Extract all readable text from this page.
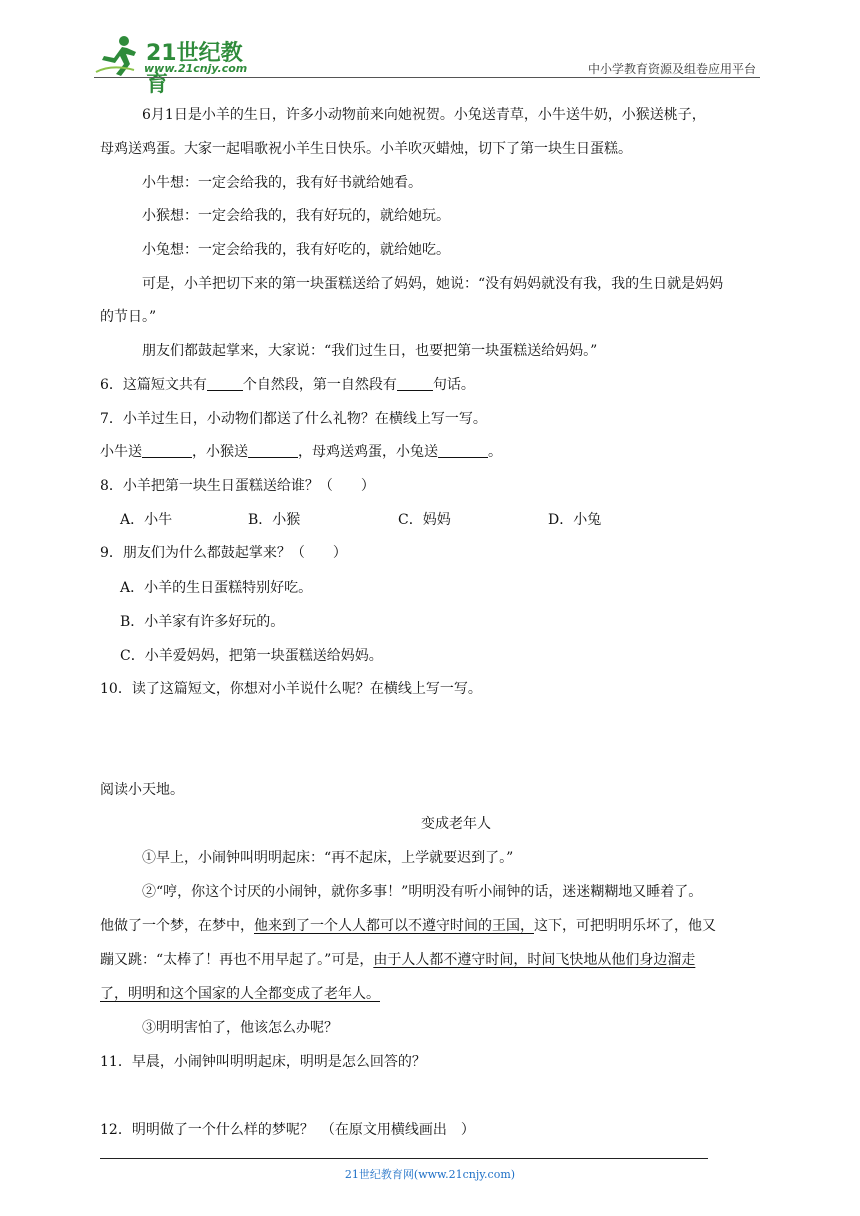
21世纪教育
www.21cnjy.com	中小学教育资源及组卷应用平台
6月1日是小羊的生日，许多小动物前来向她祝贺。小兔送青草，小牛送牛奶，小猴送桃子，
母鸡送鸡蛋。大家一起唱歌祝小羊生日快乐。小羊吹灭蜡烛，切下了第一块生日蛋糕。
小牛想：一定会给我的，我有好书就给她看。
小猴想：一定会给我的，我有好玩的，就给她玩。
小兔想：一定会给我的，我有好吃的，就给她吃。
可是，小羊把切下来的第一块蛋糕送给了妈妈，她说：“没有妈妈就没有我，我的生日就是妈妈
的节日。”
朋友们都鼓起掌来，大家说：“我们过生日，也要把第一块蛋糕送给妈妈。”
6．这篇短文共有	个自然段，第一自然段有	句话。
7．小羊过生日，小动物们都送了什么礼物？在横线上写一写。
小牛送	，小猴送	，母鸡送鸡蛋，小兔送	。
8．小羊把第一块生日蛋糕送给谁？（　　）
A．小牛	B．小猴	C．妈妈	D．小兔
9．朋友们为什么都鼓起掌来？（　　）
A．小羊的生日蛋糕特别好吃。
B．小羊家有许多好玩的。
C．小羊爱妈妈，把第一块蛋糕送给妈妈。
10．读了这篇短文，你想对小羊说什么呢？在横线上写一写。
阅读小天地。
变成老年人
①早上，小闹钟叫明明起床：“再不起床，上学就要迟到了。”
②“哼，你这个讨厌的小闹钟，就你多事！”明明没有听小闹钟的话，迷迷糊糊地又睡着了。
他做了一个梦，在梦中，他来到了一个人人都可以不遵守时间的王国，这下，可把明明乐坏了，他又
蹦又跳：“太棒了！再也不用早起了。”可是，由于人人都不遵守时间，时间飞快地从他们身边溜走
了，明明和这个国家的人全都变成了老年人。
③明明害怕了，他该怎么办呢？
11．早晨，小闹钟叫明明起床，明明是怎么回答的？
12．明明做了一个什么样的梦呢？　（在原文用横线画出　）
21世纪教育网(www.21cnjy.com)
